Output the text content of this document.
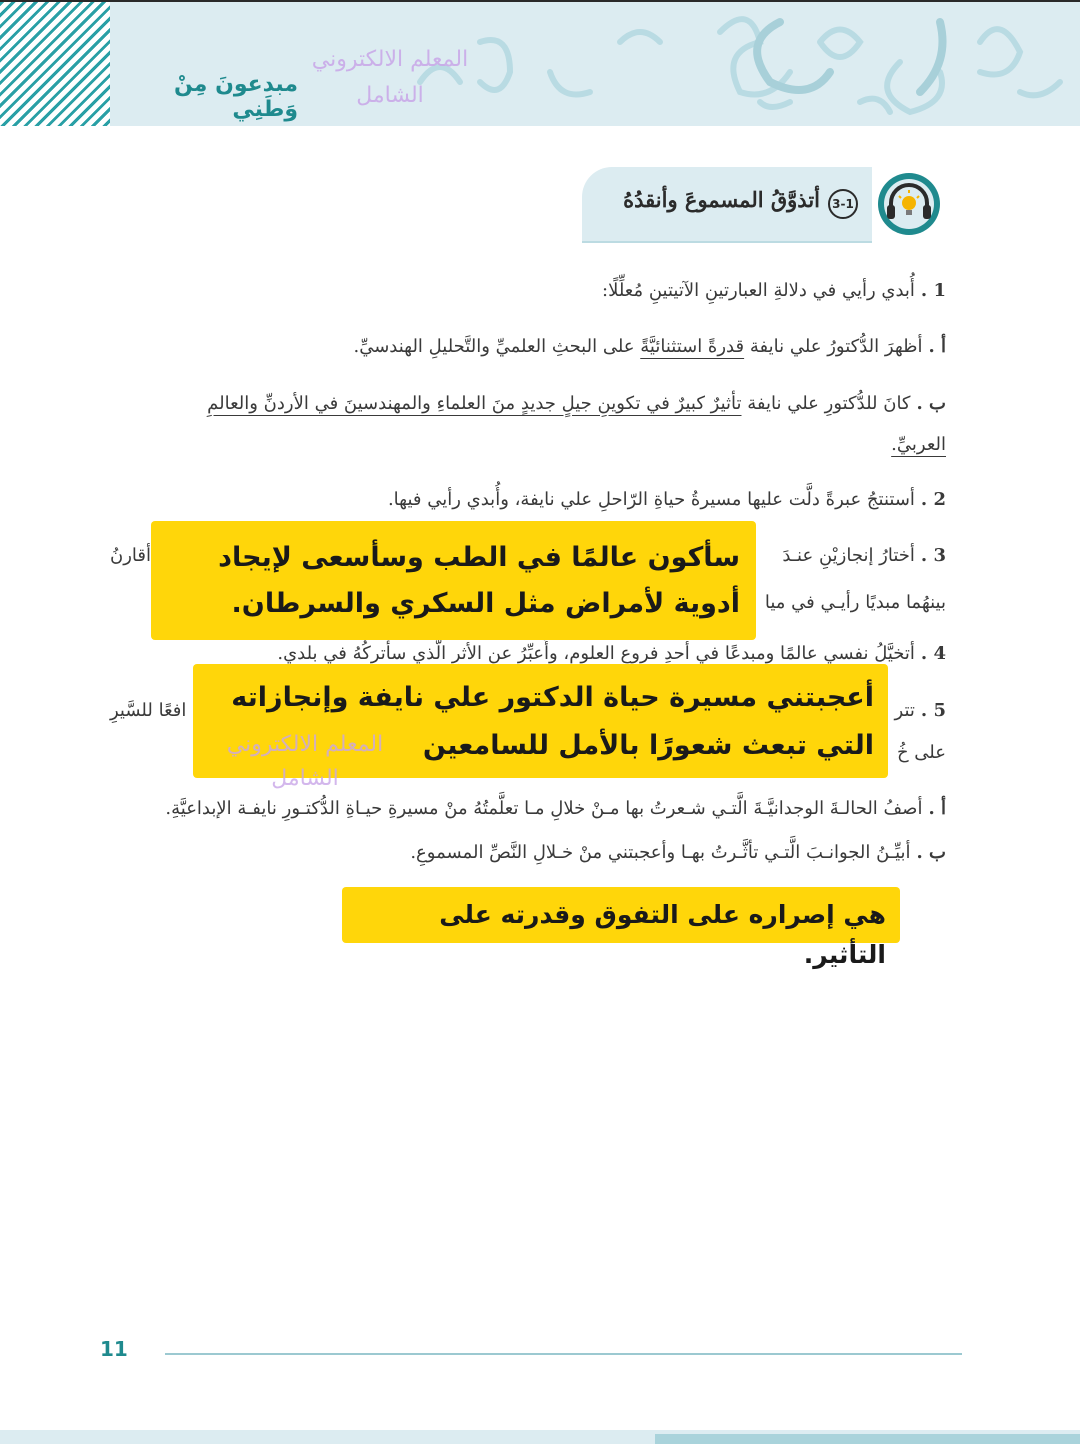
مبدعونَ مِنْ وَطَنِي
المعلم الالكتروني
الشامل
3-1
أتذوَّقُ المسموعَ وأنقدُهُ
1 .أُبدي رأيي في دلالةِ العبارتينِ الآتيتينِ مُعلِّلًا:
أ .أظهرَ الدُّكتورُ علي نايفة قدرةً استثنائيَّةً على البحثِ العلميِّ والتَّحليلِ الهندسيِّ.
ب .كانَ للدُّكتورِ علي نايفة تأثيرٌ كبيرٌ في تكوينِ جيلٍ جديدٍ منَ العلماءِ والمهندسينَ في الأردنِّ والعالمِ
العربيِّ.
2 .أستنتجُ عبرةً دلَّت عليها مسيرةُ حياةِ الرّاحلِ علي نايفة، وأُبدي رأيي فيها.
3 .أختارُ إنجازيْنِ عنـدَ
أقارنُ
بينهُما مبديًا رأيـي في ميا
4 .أتخيَّلُ نفسي عالمًا ومبدعًا في أحدِ فروعِ العلومِ، وأُعبِّرُ عنِ الأثرِ الّذي سأتركُهُ في بلدي.
5 .تتر
افعًا للسَّيرِ
على خُ
أ .أصفُ الحالـةَ الوجدانيَّـةَ الَّتـي شـعرتُ بها مـنْ خلالِ مـا تعلَّمتُهُ منْ مسيرةِ حيـاةِ الدُّكتـورِ نايفـة الإبداعيَّةِ.
ب .أبيِّـنُ الجوانـبَ الَّتـي تأثَّـرتُ بهـا وأعجبتني منْ خـلالِ النَّصِّ المسموعِ.
سأكون عالمًا في الطب وسأسعى لإيجاد أدوية لأمراض مثل السكري والسرطان.
أعجبتني مسيرة حياة الدكتور علي نايفة وإنجازاته التي تبعث شعورًا بالأمل للسامعين
هي إصراره على التفوق وقدرته على التأثير.
المعلم الالكتروني
الشامل
11
